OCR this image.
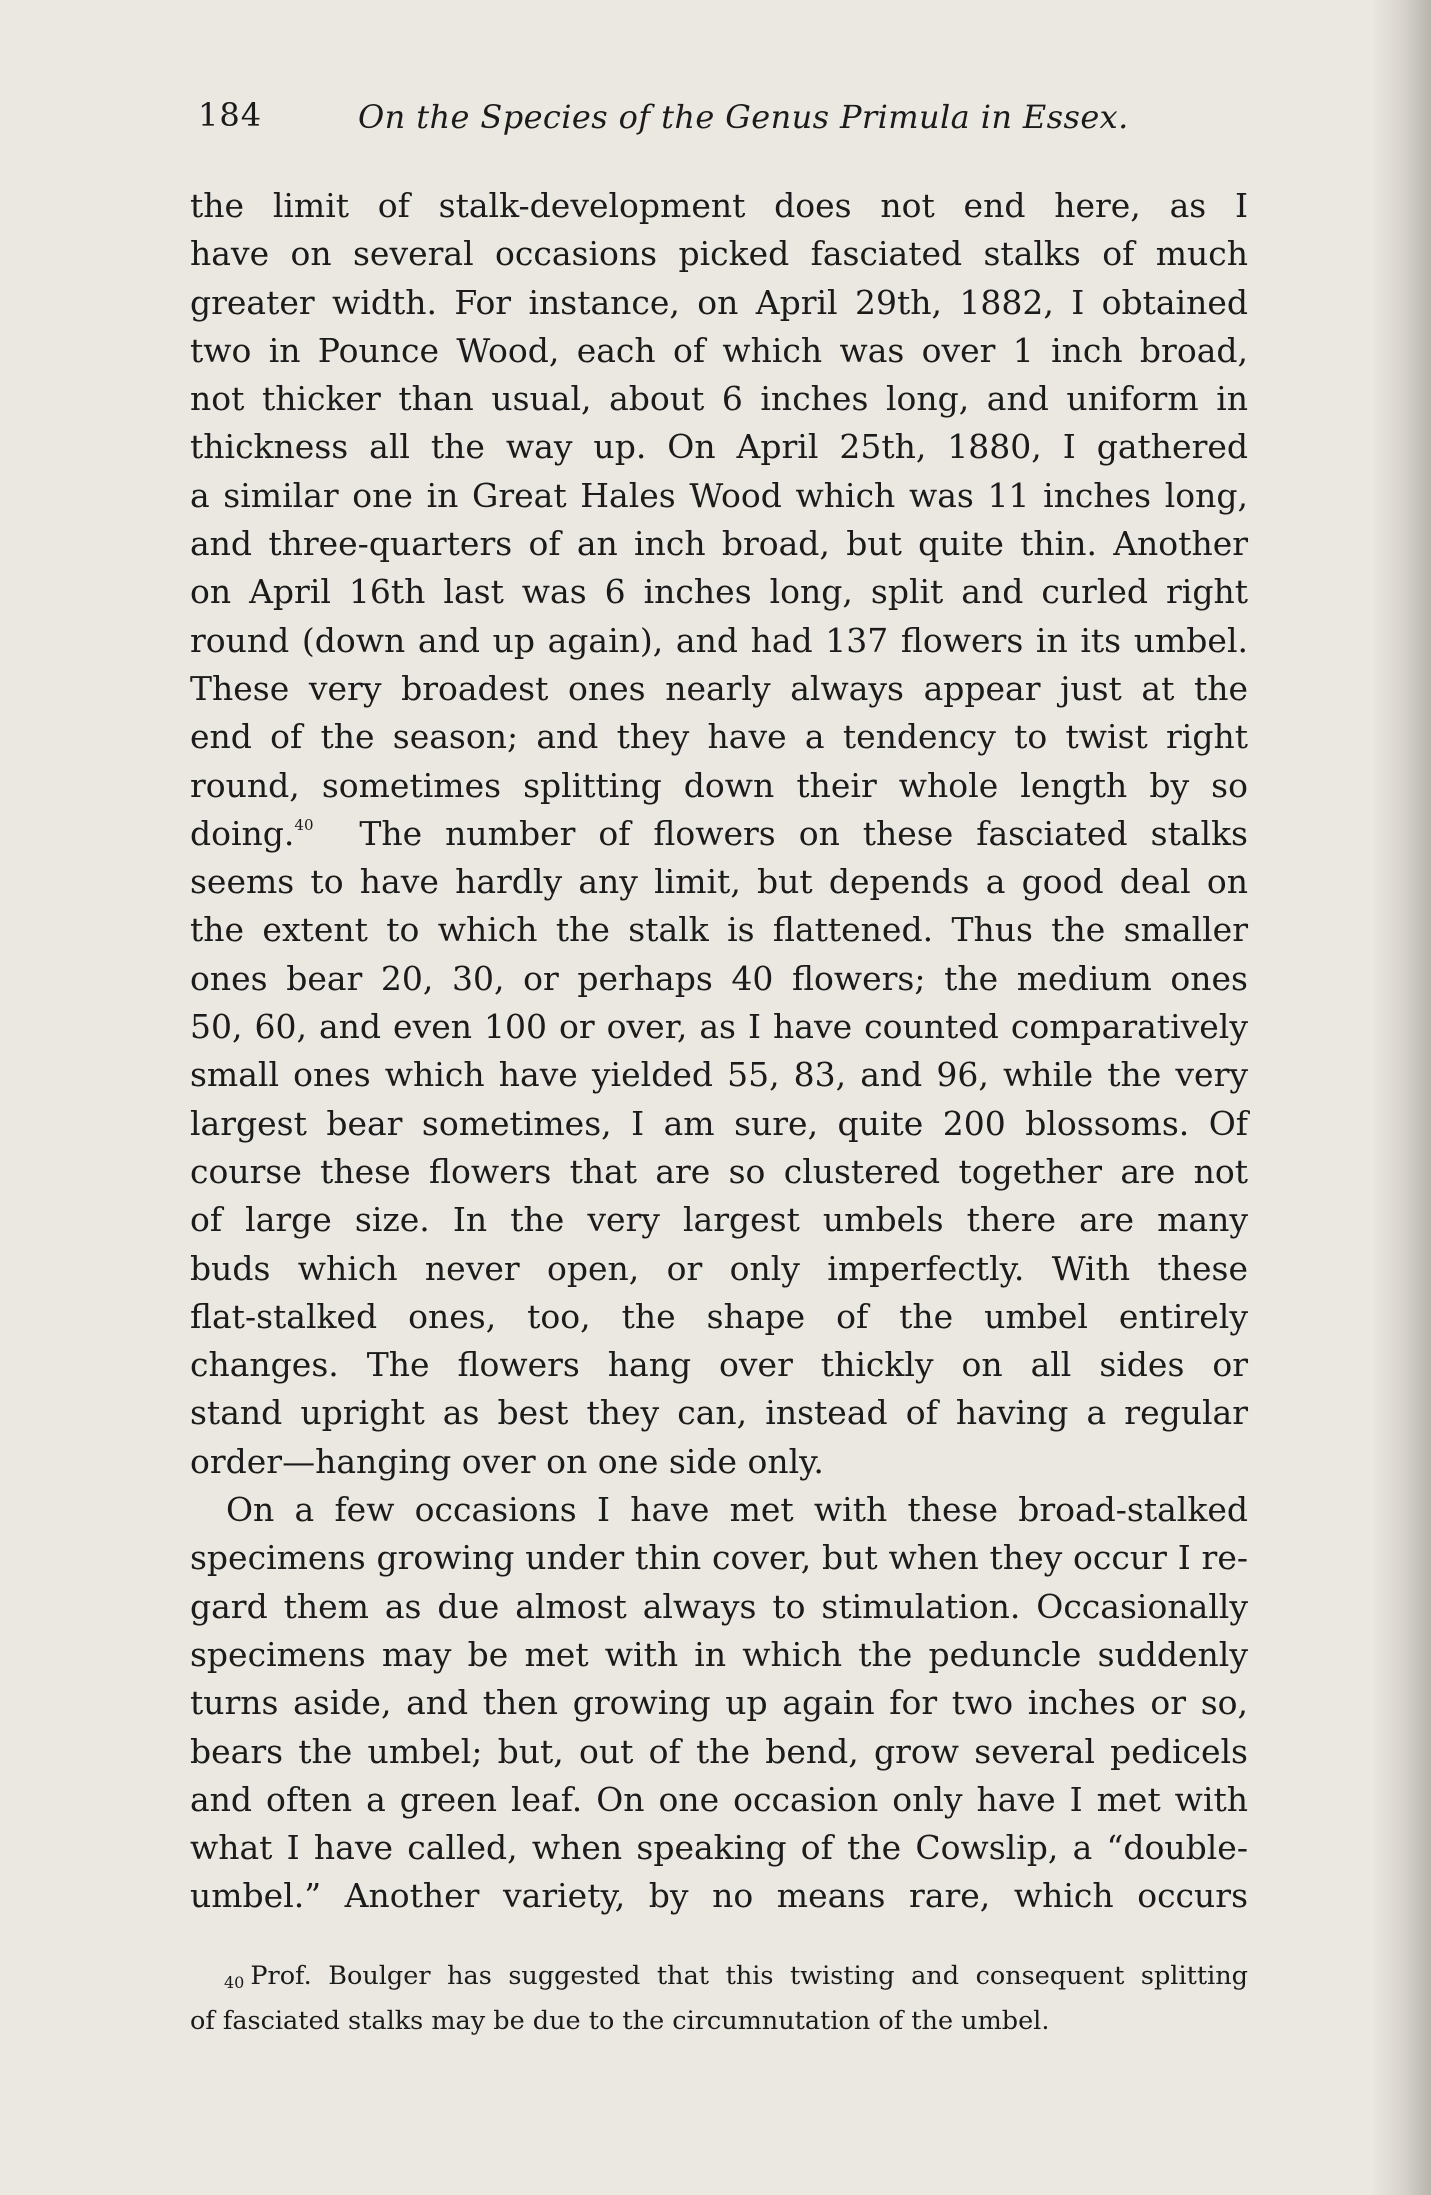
184	On the Species of the Genus Primula in Essex.
the limit of stalk-development does not end here, as I
have on several occasions picked fasciated stalks of much
greater width. For instance, on April 29th, 1882, I obtained
two in Pounce Wood, each of which was over 1 inch broad,
not thicker than usual, about 6 inches long, and uniform in
thickness all the way up. On April 25th, 1880, I gathered
a similar one in Great Hales Wood which was 11 inches long,
and three-quarters of an inch broad, but quite thin. Another
on April 16th last was 6 inches long, split and curled right
round (down and up again), and had 137 flowers in its umbel.
These very broadest ones nearly always appear just at the
end of the season; and they have a tendency to twist right
round, sometimes splitting down their whole length by so
doing.$^{40}$ The number of flowers on these fasciated stalks
seems to have hardly any limit, but depends a good deal on
the extent to which the stalk is flattened. Thus the smaller
ones bear 20, 30, or perhaps 40 flowers; the medium ones
50, 60, and even 100 or over, as I have counted comparatively
small ones which have yielded 55, 83, and 96, while the very
largest bear sometimes, I am sure, quite 200 blossoms. Of
course these flowers that are so clustered together are not
of large size. In the very largest umbels there are many
buds which never open, or only imperfectly. With these
flat-stalked ones, too, the shape of the umbel entirely
changes. The flowers hang over thickly on all sides or
stand upright as best they can, instead of having a regular
order—hanging over on one side only.
On a few occasions I have met with these broad-stalked
specimens growing under thin cover, but when they occur I re-
gard them as due almost always to stimulation. Occasionally
specimens may be met with in which the peduncle suddenly
turns aside, and then growing up again for two inches or so,
bears the umbel; but, out of the bend, grow several pedicels
and often a green leaf. On one occasion only have I met with
what I have called, when speaking of the Cowslip, a “double-
umbel.” Another variety, by no means rare, which occurs
$^{40}$ Prof. Boulger has suggested that this twisting and consequent splitting
of fasciated stalks may be due to the circumnutation of the umbel.
